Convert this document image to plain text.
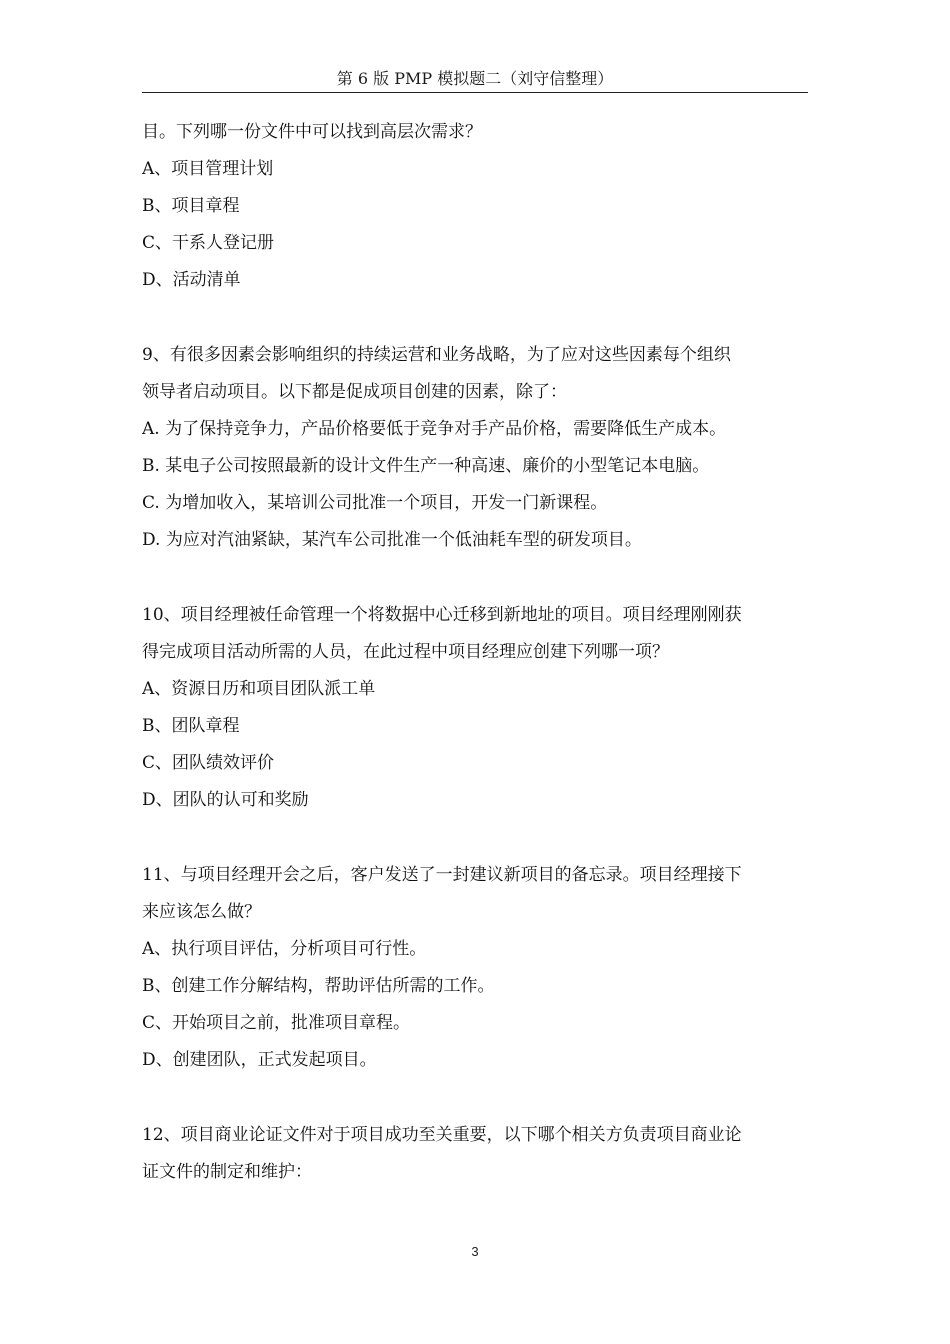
第 6 版 PMP 模拟题二（刘守信整理）

目。下列哪一份文件中可以找到高层次需求？

A、项目管理计划

B、项目章程

C、干系人登记册

D、活动清单

9、有很多因素会影响组织的持续运营和业务战略，为了应对这些因素每个组织

领导者启动项目。以下都是促成项目创建的因素，除了：

A. 为了保持竞争力，产品价格要低于竞争对手产品价格，需要降低生产成本。

B. 某电子公司按照最新的设计文件生产一种高速、廉价的小型笔记本电脑。

C. 为增加收入，某培训公司批准一个项目，开发一门新课程。

D. 为应对汽油紧缺，某汽车公司批准一个低油耗车型的研发项目。

10、项目经理被任命管理一个将数据中心迁移到新地址的项目。项目经理刚刚获

得完成项目活动所需的人员，在此过程中项目经理应创建下列哪一项？

A、资源日历和项目团队派工单

B、团队章程

C、团队绩效评价

D、团队的认可和奖励

11、与项目经理开会之后，客户发送了一封建议新项目的备忘录。项目经理接下

来应该怎么做？

A、执行项目评估，分析项目可行性。

B、创建工作分解结构，帮助评估所需的工作。

C、开始项目之前，批准项目章程。

D、创建团队，正式发起项目。

12、项目商业论证文件对于项目成功至关重要，以下哪个相关方负责项目商业论

证文件的制定和维护：

3
